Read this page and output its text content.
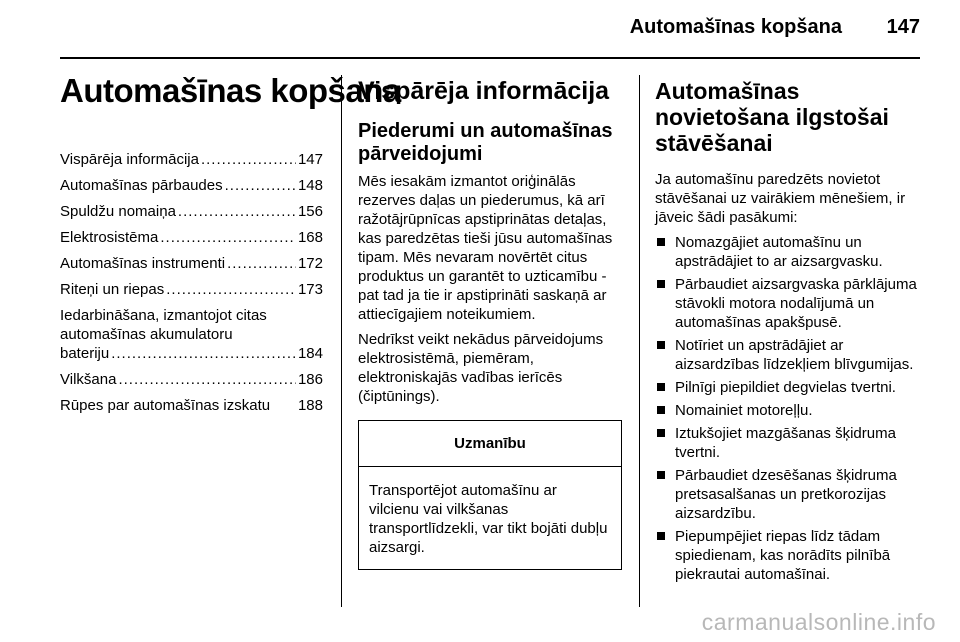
Automašīnas kopšana 147
Automašīnas kopšana
Vispārēja informācija .....	147
Automašīnas pārbaudes .....	148
Spuldžu nomaiņa .....	156
Elektrosistēma .....	168
Automašīnas instrumenti .....	172
Riteņi un riepas .....	173
Iedarbināšana, izmantojot citas
automašīnas akumulatoru
bateriju .....	184
Vilkšana .....	186
Rūpes par automašīnas izskatu 188
Vispārēja informācija
Piederumi un automašīnas pārveidojumi

Mēs iesakām izmantot oriģinālās rezerves daļas un piederumus, kā arī ražotājrūpnīcas apstiprinātas detaļas, kas paredzētas tieši jūsu automašīnas tipam. Mēs nevaram novērtēt citus produktus un garantēt to uzticamību - pat tad ja tie ir apstiprināti saskaņā ar attiecīgajiem noteikumiem.

Nedrīkst veikt nekādus pārveidojums elektrosistēmā, piemēram, elektroniskajās vadības ierīcēs (čiptūnings).

Uzmanību
Transportējot automašīnu ar vilcienu vai vilkšanas transportlīdzekli, var tikt bojāti dubļu aizsargi.
Automašīnas novietošana ilgstošai stāvēšanai

Ja automašīnu paredzēts novietot stāvēšanai uz vairākiem mēnešiem, ir jāveic šādi pasākumi:

Nomazgājiet automašīnu un apstrādājiet to ar aizsargvasku.
Pārbaudiet aizsargvaska pārklājuma stāvokli motora nodalījumā un automašīnas apakšpusē.
Notīriet un apstrādājiet ar aizsardzības līdzekļiem blīvgumijas.
Pilnīgi piepildiet degvielas tvertni.
Nomainiet motoreļļu.
Iztukšojiet mazgāšanas šķidruma tvertni.
Pārbaudiet dzesēšanas šķidruma pretsasalšanas un pretkorozijas aizsardzību.
Piepumpējiet riepas līdz tādam spiedienam, kas norādīts pilnībā piekrautai automašīnai.
carmanualsonline.info
